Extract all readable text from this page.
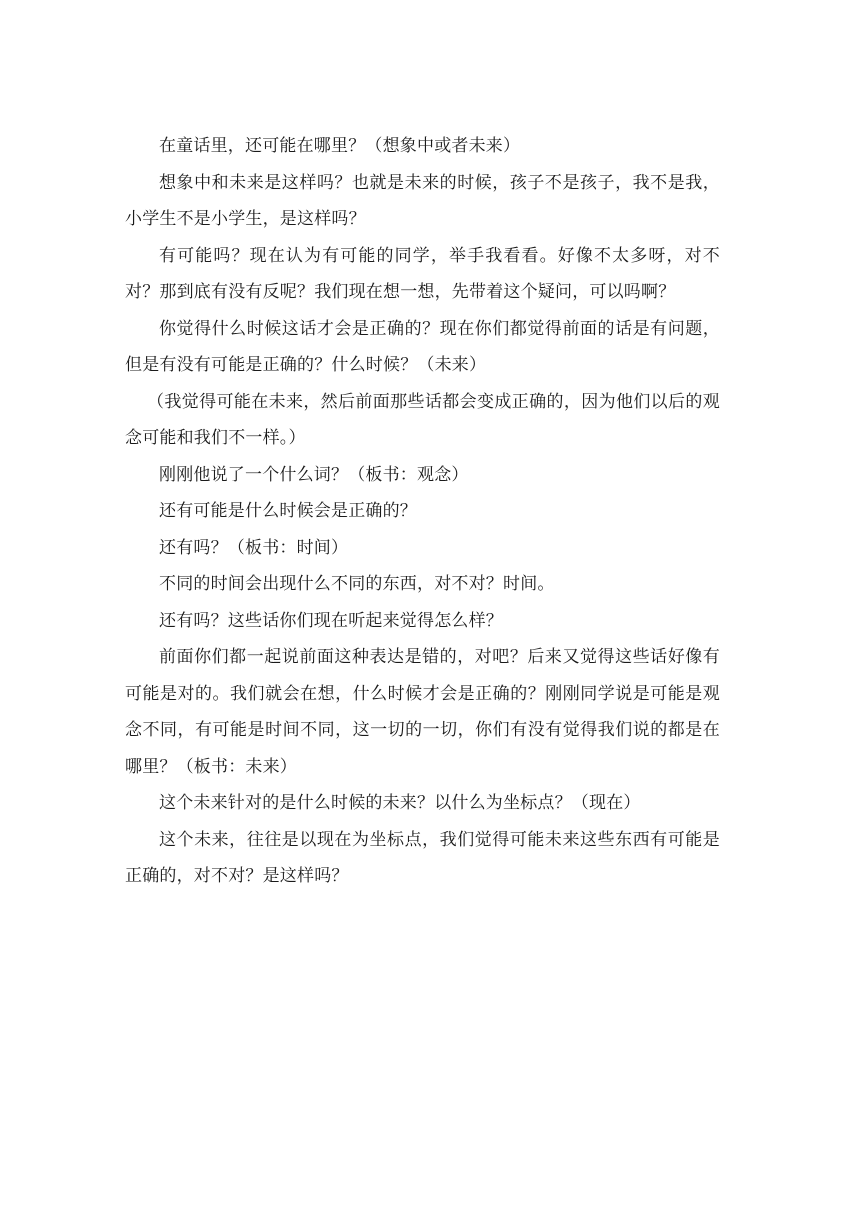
在童话里，还可能在哪里？（想象中或者未来）

想象中和未来是这样吗？也就是未来的时候，孩子不是孩子，我不是我，小学生不是小学生，是这样吗？

有可能吗？现在认为有可能的同学，举手我看看。好像不太多呀，对不对？那到底有没有反呢？我们现在想一想，先带着这个疑问，可以吗啊？

你觉得什么时候这话才会是正确的？现在你们都觉得前面的话是有问题，但是有没有可能是正确的？什么时候？（未来）

（我觉得可能在未来，然后前面那些话都会变成正确的，因为他们以后的观念可能和我们不一样。）

刚刚他说了一个什么词？（板书：观念）

还有可能是什么时候会是正确的？

还有吗？（板书：时间）

不同的时间会出现什么不同的东西，对不对？时间。

还有吗？这些话你们现在听起来觉得怎么样？

前面你们都一起说前面这种表达是错的，对吧？后来又觉得这些话好像有可能是对的。我们就会在想，什么时候才会是正确的？刚刚同学说是可能是观念不同，有可能是时间不同，这一切的一切，你们有没有觉得我们说的都是在哪里？（板书：未来）

这个未来针对的是什么时候的未来？以什么为坐标点？（现在）

这个未来，往往是以现在为坐标点，我们觉得可能未来这些东西有可能是正确的，对不对？是这样吗？
